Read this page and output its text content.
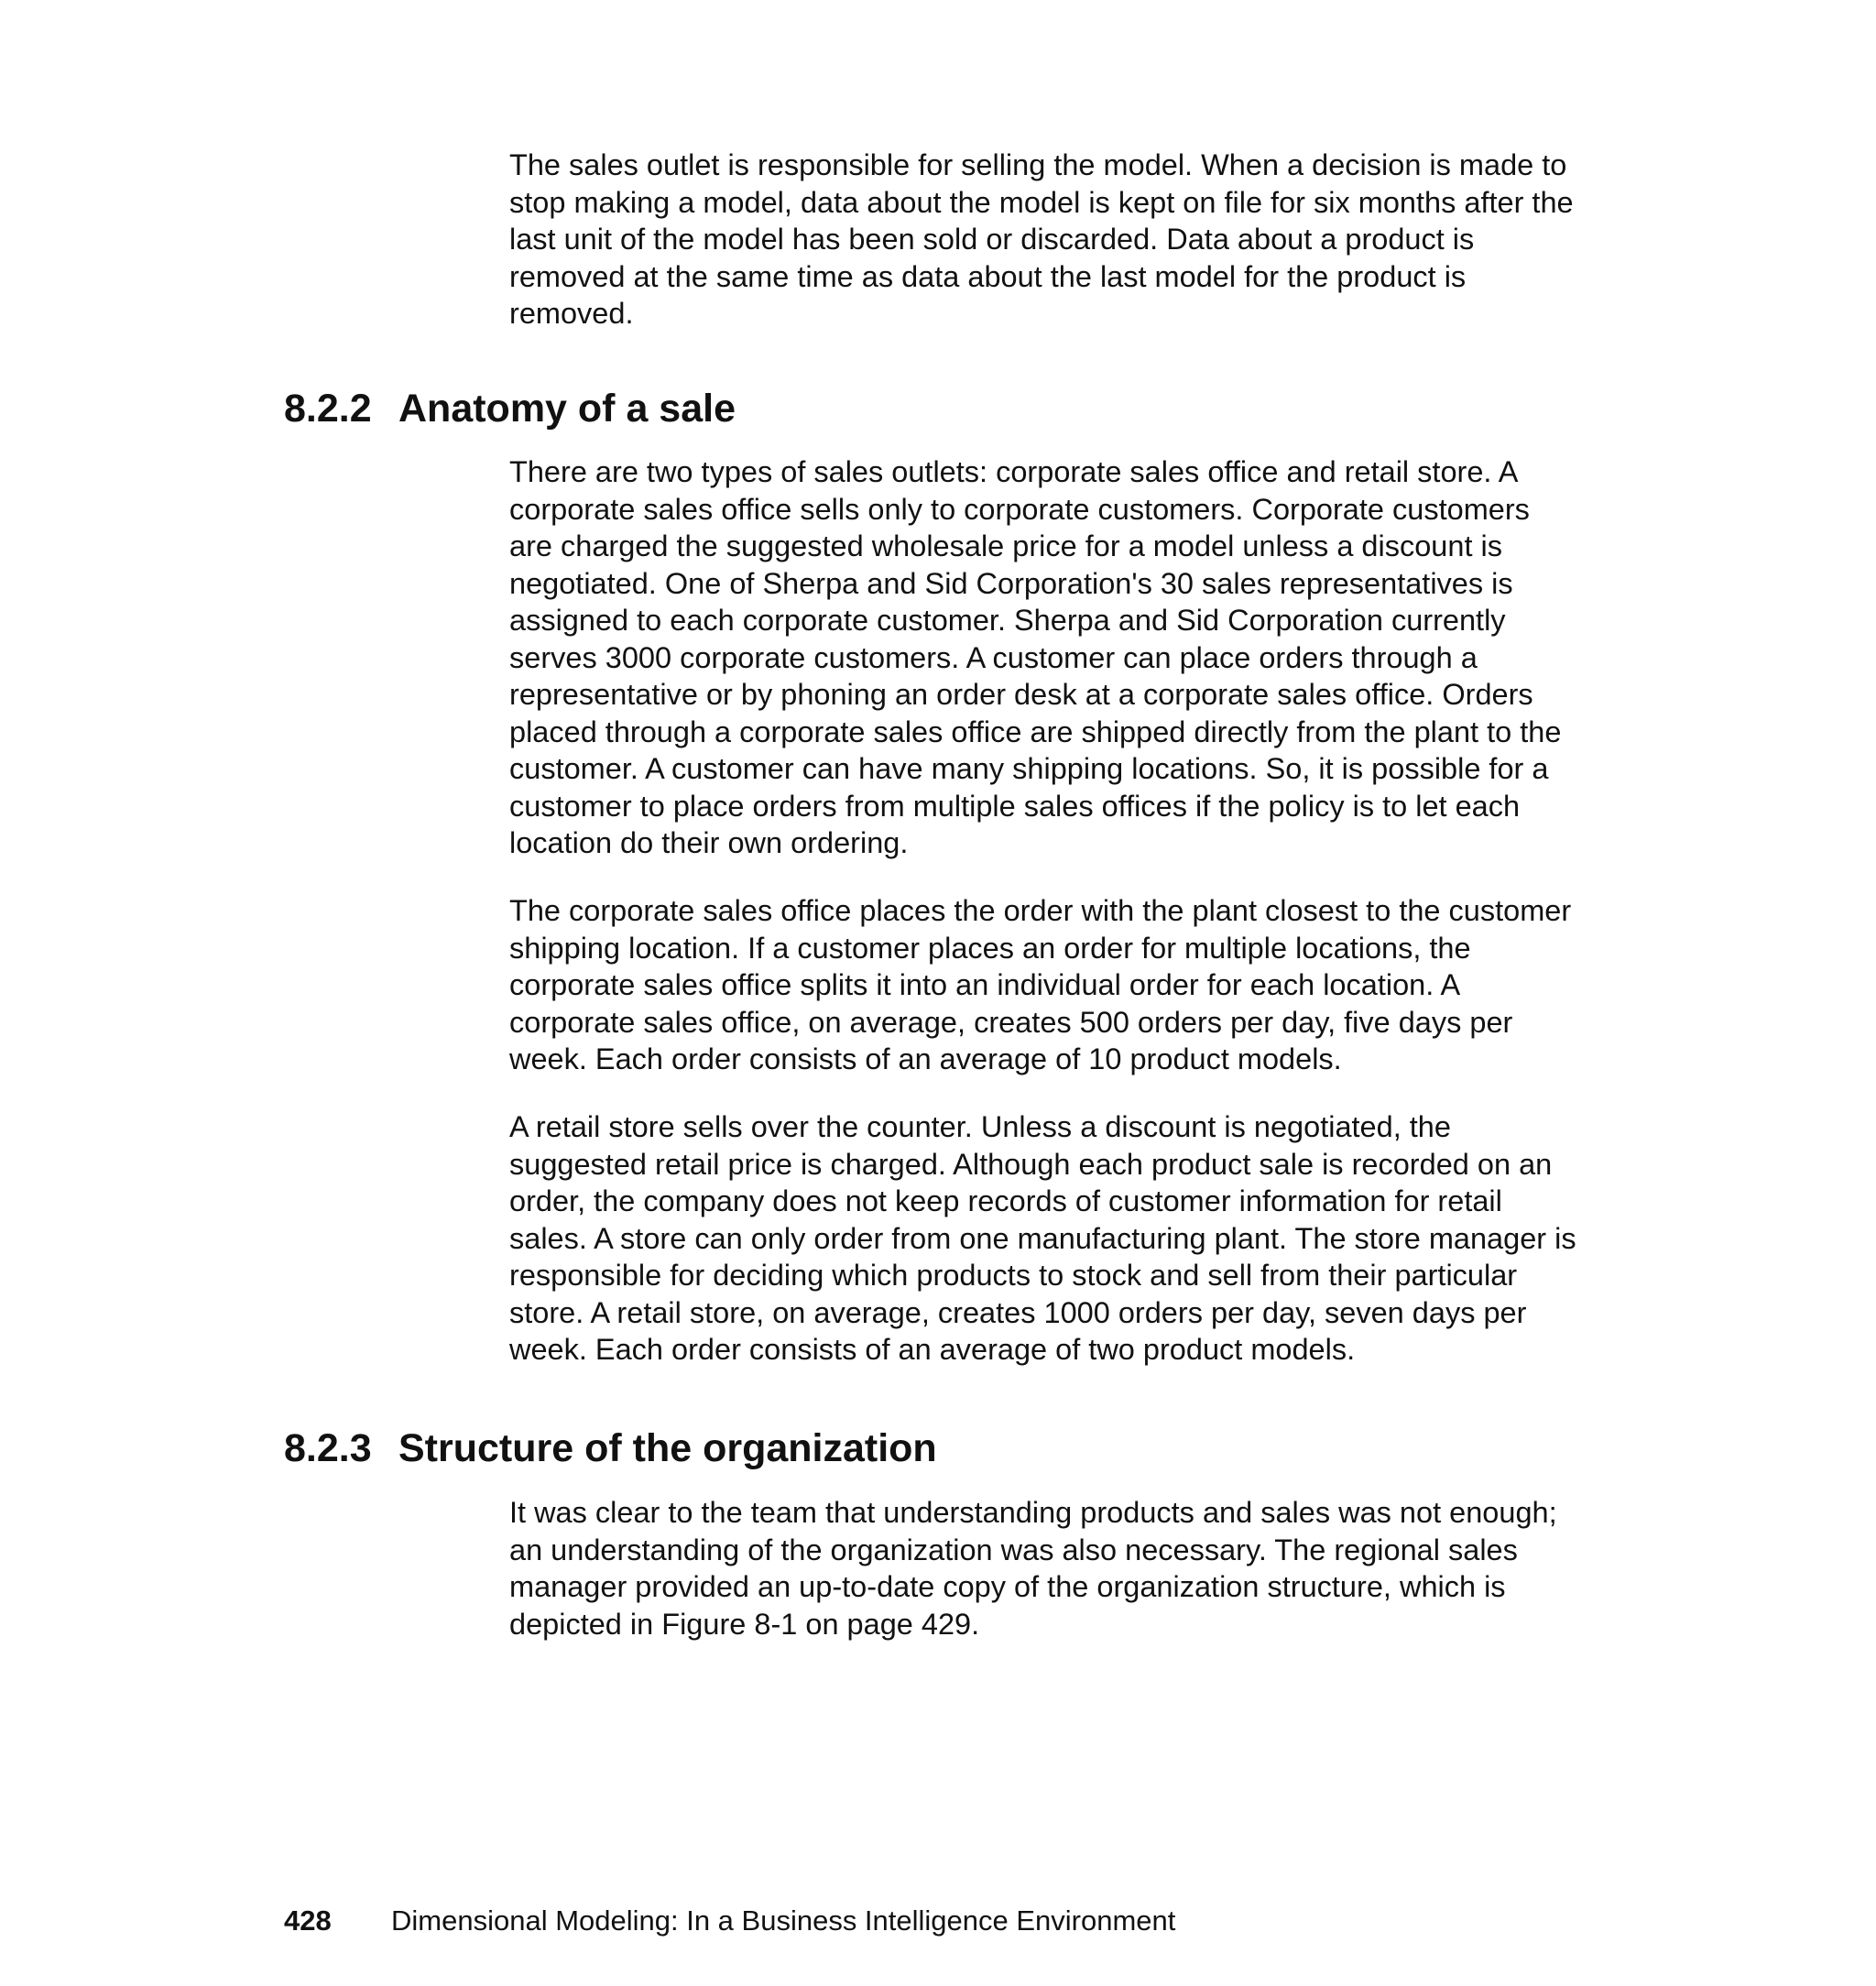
The sales outlet is responsible for selling the model. When a decision is made to
stop making a model, data about the model is kept on file for six months after the
last unit of the model has been sold or discarded. Data about a product is
removed at the same time as data about the last model for the product is
removed.

8.2.2 Anatomy of a sale

There are two types of sales outlets: corporate sales office and retail store. A
corporate sales office sells only to corporate customers. Corporate customers
are charged the suggested wholesale price for a model unless a discount is
negotiated. One of Sherpa and Sid Corporation's 30 sales representatives is
assigned to each corporate customer. Sherpa and Sid Corporation currently
serves 3000 corporate customers. A customer can place orders through a
representative or by phoning an order desk at a corporate sales office. Orders
placed through a corporate sales office are shipped directly from the plant to the
customer. A customer can have many shipping locations. So, it is possible for a
customer to place orders from multiple sales offices if the policy is to let each
location do their own ordering.

The corporate sales office places the order with the plant closest to the customer
shipping location. If a customer places an order for multiple locations, the
corporate sales office splits it into an individual order for each location. A
corporate sales office, on average, creates 500 orders per day, five days per
week. Each order consists of an average of 10 product models.

A retail store sells over the counter. Unless a discount is negotiated, the
suggested retail price is charged. Although each product sale is recorded on an
order, the company does not keep records of customer information for retail
sales. A store can only order from one manufacturing plant. The store manager is
responsible for deciding which products to stock and sell from their particular
store. A retail store, on average, creates 1000 orders per day, seven days per
week. Each order consists of an average of two product models.

8.2.3 Structure of the organization

It was clear to the team that understanding products and sales was not enough;
an understanding of the organization was also necessary. The regional sales
manager provided an up-to-date copy of the organization structure, which is
depicted in Figure 8-1 on page 429.

428 Dimensional Modeling: In a Business Intelligence Environment
